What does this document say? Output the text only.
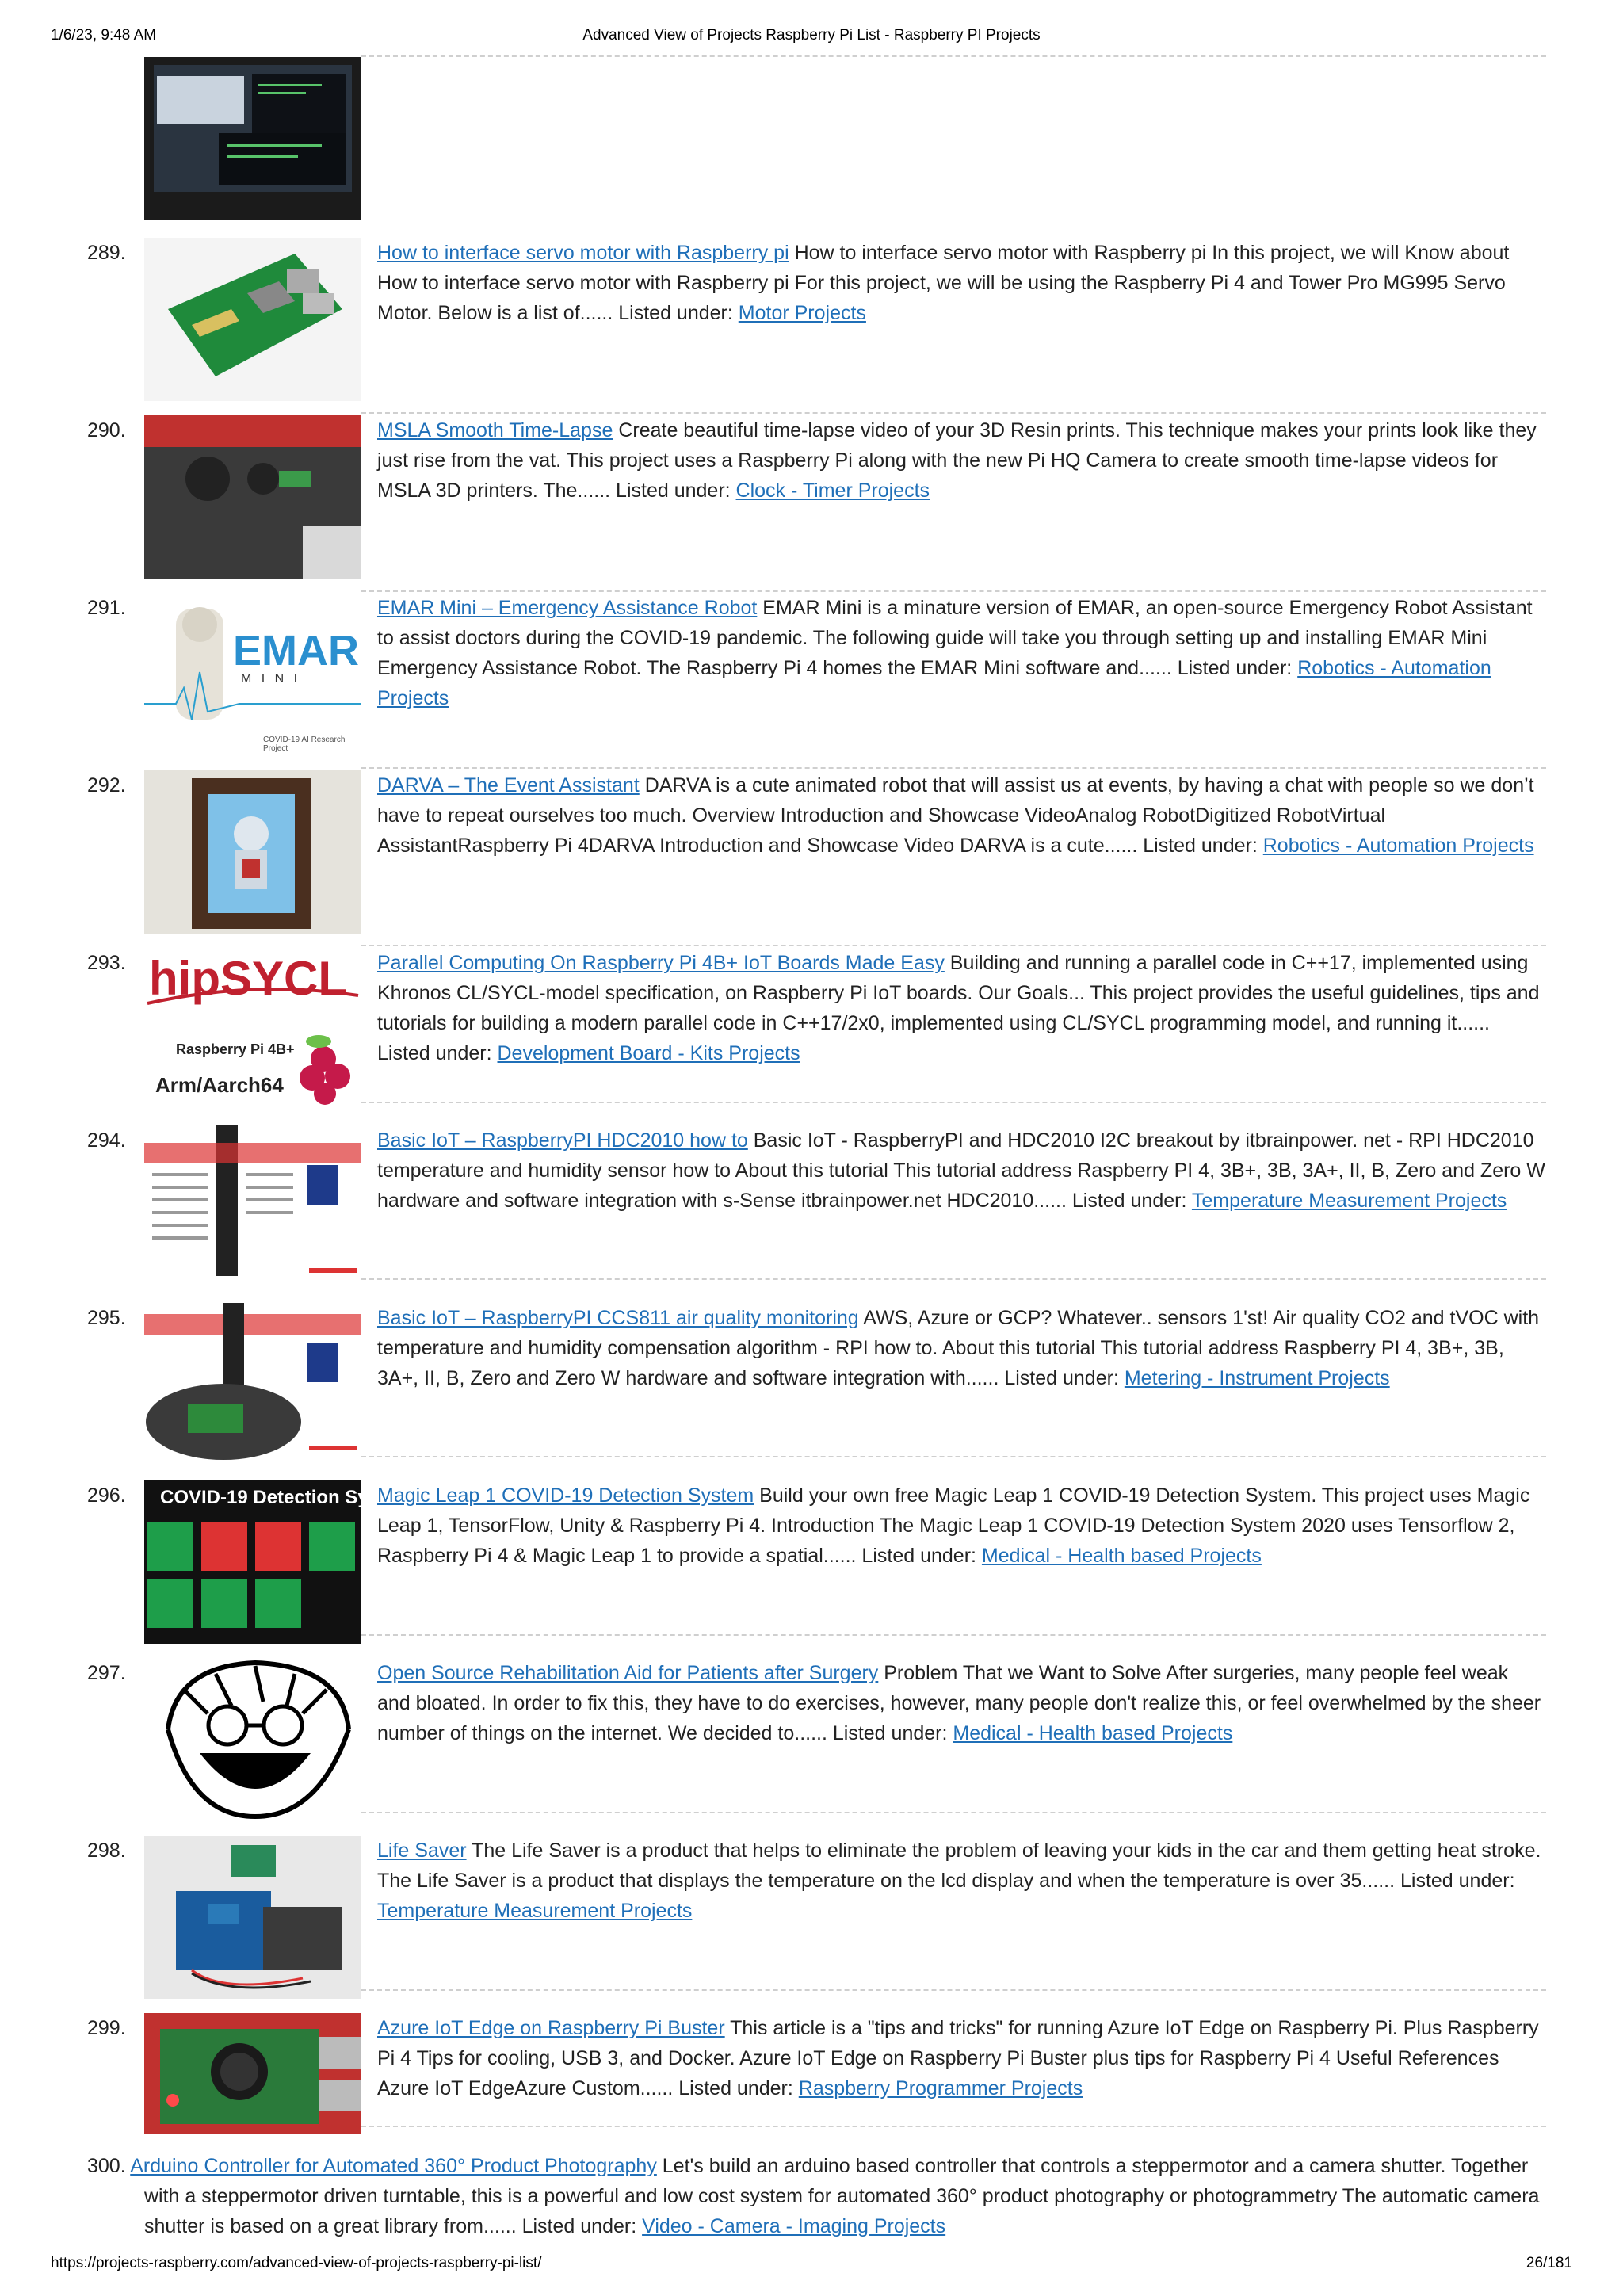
1/6/23, 9:48 AM	Advanced View of Projects Raspberry Pi List - Raspberry PI Projects
289.	How to interface servo motor with Raspberry pi How to interface servo motor with Raspberry pi In this project, we will Know about How to interface servo motor with Raspberry pi For this project, we will be using the Raspberry Pi 4 and Tower Pro MG995 Servo Motor. Below is a list of...... Listed under: Motor Projects
290.	MSLA Smooth Time-Lapse Create beautiful time-lapse video of your 3D Resin prints. This technique makes your prints look like they just rise from the vat. This project uses a Raspberry Pi along with the new Pi HQ Camera to create smooth time-lapse videos for MSLA 3D printers. The...... Listed under: Clock - Timer Projects
291.
EMAR
M I N I
COVID-19 AI Research Project
EMAR Mini – Emergency Assistance Robot EMAR Mini is a minature version of EMAR, an open-source Emergency Robot Assistant to assist doctors during the COVID-19 pandemic. The following guide will take you through setting up and installing EMAR Mini Emergency Assistance Robot. The Raspberry Pi 4 homes the EMAR Mini software and...... Listed under: Robotics - Automation Projects
292.	DARVA – The Event Assistant DARVA is a cute animated robot that will assist us at events, by having a chat with people so we don’t have to repeat ourselves too much. Overview Introduction and Showcase VideoAnalog RobotDigitized RobotVirtual AssistantRaspberry Pi 4DARVA Introduction and Showcase Video DARVA is a cute...... Listed under: Robotics - Automation Projects
293. hipSYCL
Raspberry Pi 4B+
Arm/Aarch64
Parallel Computing On Raspberry Pi 4B+ IoT Boards Made Easy Building and running a parallel code in C++17, implemented using Khronos CL/SYCL-model specification, on Raspberry Pi IoT boards. Our Goals... This project provides the useful guidelines, tips and tutorials for building a modern parallel code in C++17/2x0, implemented using CL/SYCL programming model, and running it...... Listed under: Development Board - Kits Projects
294.	Basic IoT – RaspberryPI HDC2010 how to Basic IoT - RaspberryPI and HDC2010 I2C breakout by itbrainpower. net - RPI HDC2010 temperature and humidity sensor how to About this tutorial This tutorial address Raspberry PI 4, 3B+, 3B, 3A+, II, B, Zero and Zero W hardware and software integration with s-Sense itbrainpower.net HDC2010...... Listed under: Temperature Measurement Projects
295.	Basic IoT – RaspberryPI CCS811 air quality monitoring AWS, Azure or GCP? Whatever.. sensors 1'st! Air quality CO2 and tVOC with temperature and humidity compensation algorithm - RPI how to. About this tutorial This tutorial address Raspberry PI 4, 3B+, 3B, 3A+, II, B, Zero and Zero W hardware and software integration with...... Listed under: Metering - Instrument Projects
296.	COVID-19 Detection System
Magic Leap 1 COVID-19 Detection System Build your own free Magic Leap 1 COVID-19 Detection System. This project uses Magic Leap 1, TensorFlow, Unity & Raspberry Pi 4. Introduction The Magic Leap 1 COVID-19 Detection System 2020 uses Tensorflow 2, Raspberry Pi 4 & Magic Leap 1 to provide a spatial...... Listed under: Medical - Health based Projects
297.	Open Source Rehabilitation Aid for Patients after Surgery Problem That we Want to Solve After surgeries, many people feel weak and bloated. In order to fix this, they have to do exercises, however, many people don't realize this, or feel overwhelmed by the sheer number of things on the internet. We decided to...... Listed under: Medical - Health based Projects
298.	Life Saver The Life Saver is a product that helps to eliminate the problem of leaving your kids in the car and them getting heat stroke. The Life Saver is a product that displays the temperature on the lcd display and when the temperature is over 35...... Listed under: Temperature Measurement Projects
299.	Azure IoT Edge on Raspberry Pi Buster This article is a "tips and tricks" for running Azure IoT Edge on Raspberry Pi. Plus Raspberry Pi 4 Tips for cooling, USB 3, and Docker. Azure IoT Edge on Raspberry Pi Buster plus tips for Raspberry Pi 4 Useful References Azure IoT EdgeAzure Custom...... Listed under: Raspberry Programmer Projects
300. Arduino Controller for Automated 360° Product Photography Let's build an arduino based controller that controls a steppermotor and a camera shutter. Together with a steppermotor driven turntable, this is a powerful and low cost system for automated 360° product photography or photogrammetry The automatic camera shutter is based on a great library from...... Listed under: Video - Camera - Imaging Projects
https://projects-raspberry.com/advanced-view-of-projects-raspberry-pi-list/	26/181
